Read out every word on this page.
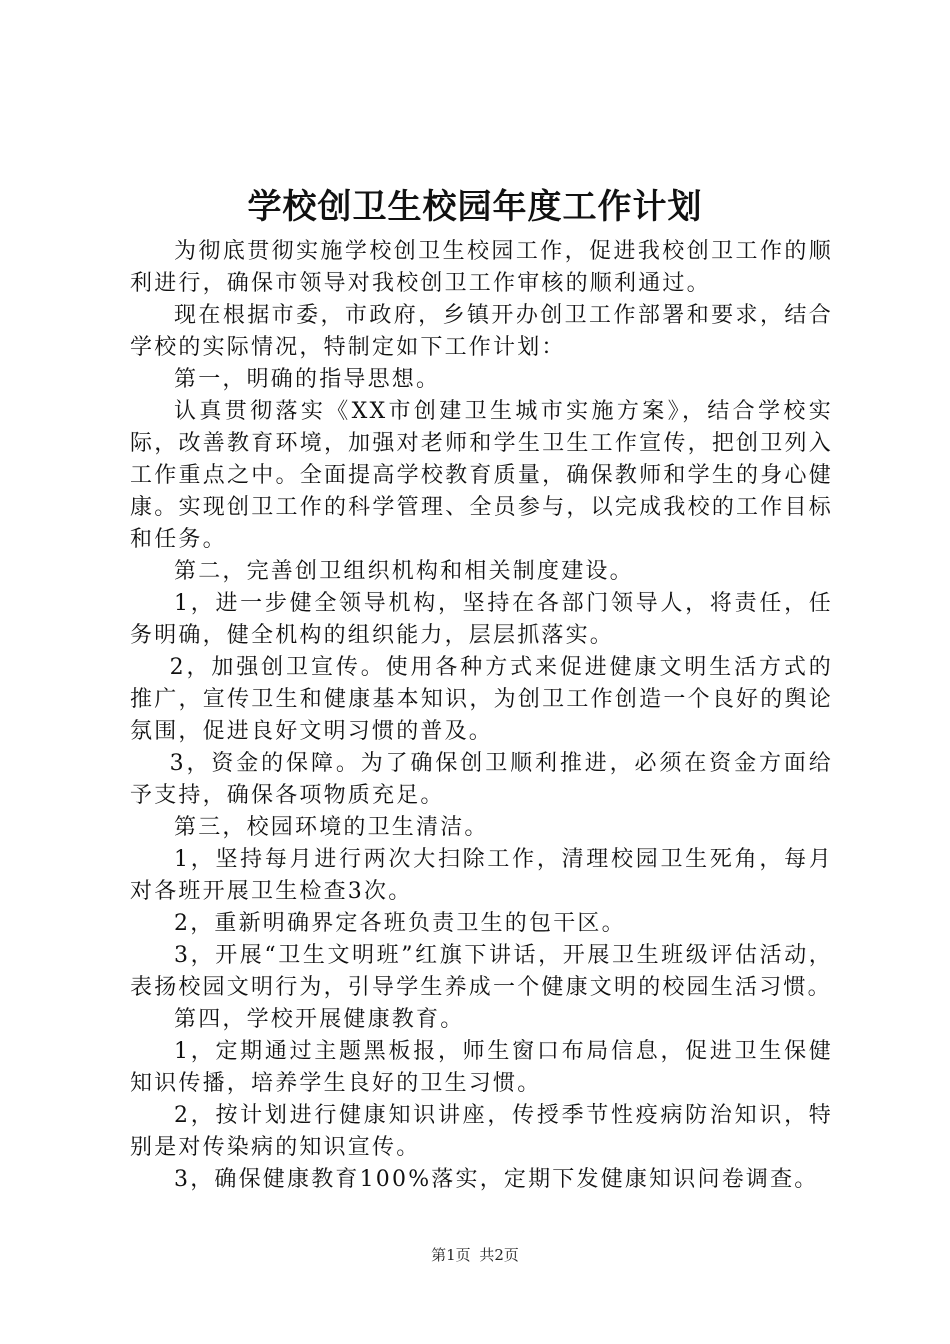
学校创卫生校园年度工作计划

为彻底贯彻实施学校创卫生校园工作，促进我校创卫工作的顺利进行，确保市领导对我校创卫工作审核的顺利通过。

现在根据市委，市政府，乡镇开办创卫工作部署和要求，结合学校的实际情况，特制定如下工作计划：

第一，明确的指导思想。

认真贯彻落实《XX市创建卫生城市实施方案》，结合学校实际，改善教育环境，加强对老师和学生卫生工作宣传，把创卫列入工作重点之中。全面提高学校教育质量，确保教师和学生的身心健康。实现创卫工作的科学管理、全员参与，以完成我校的工作目标和任务。

第二，完善创卫组织机构和相关制度建设。

1，进一步健全领导机构，坚持在各部门领导人，将责任，任务明确，健全机构的组织能力，层层抓落实。

2，加强创卫宣传。使用各种方式来促进健康文明生活方式的推广，宣传卫生和健康基本知识，为创卫工作创造一个良好的舆论氛围，促进良好文明习惯的普及。

3，资金的保障。为了确保创卫顺利推进，必须在资金方面给予支持，确保各项物质充足。

第三，校园环境的卫生清洁。

1，坚持每月进行两次大扫除工作，清理校园卫生死角，每月对各班开展卫生检查3次。

2，重新明确界定各班负责卫生的包干区。

3，开展“卫生文明班”红旗下讲话，开展卫生班级评估活动，表扬校园文明行为，引导学生养成一个健康文明的校园生活习惯。

第四，学校开展健康教育。

1，定期通过主题黑板报，师生窗口布局信息，促进卫生保健知识传播，培养学生良好的卫生习惯。

2，按计划进行健康知识讲座，传授季节性疫病防治知识，特别是对传染病的知识宣传。

3，确保健康教育100%落实，定期下发健康知识问卷调查。

第1页 共2页
